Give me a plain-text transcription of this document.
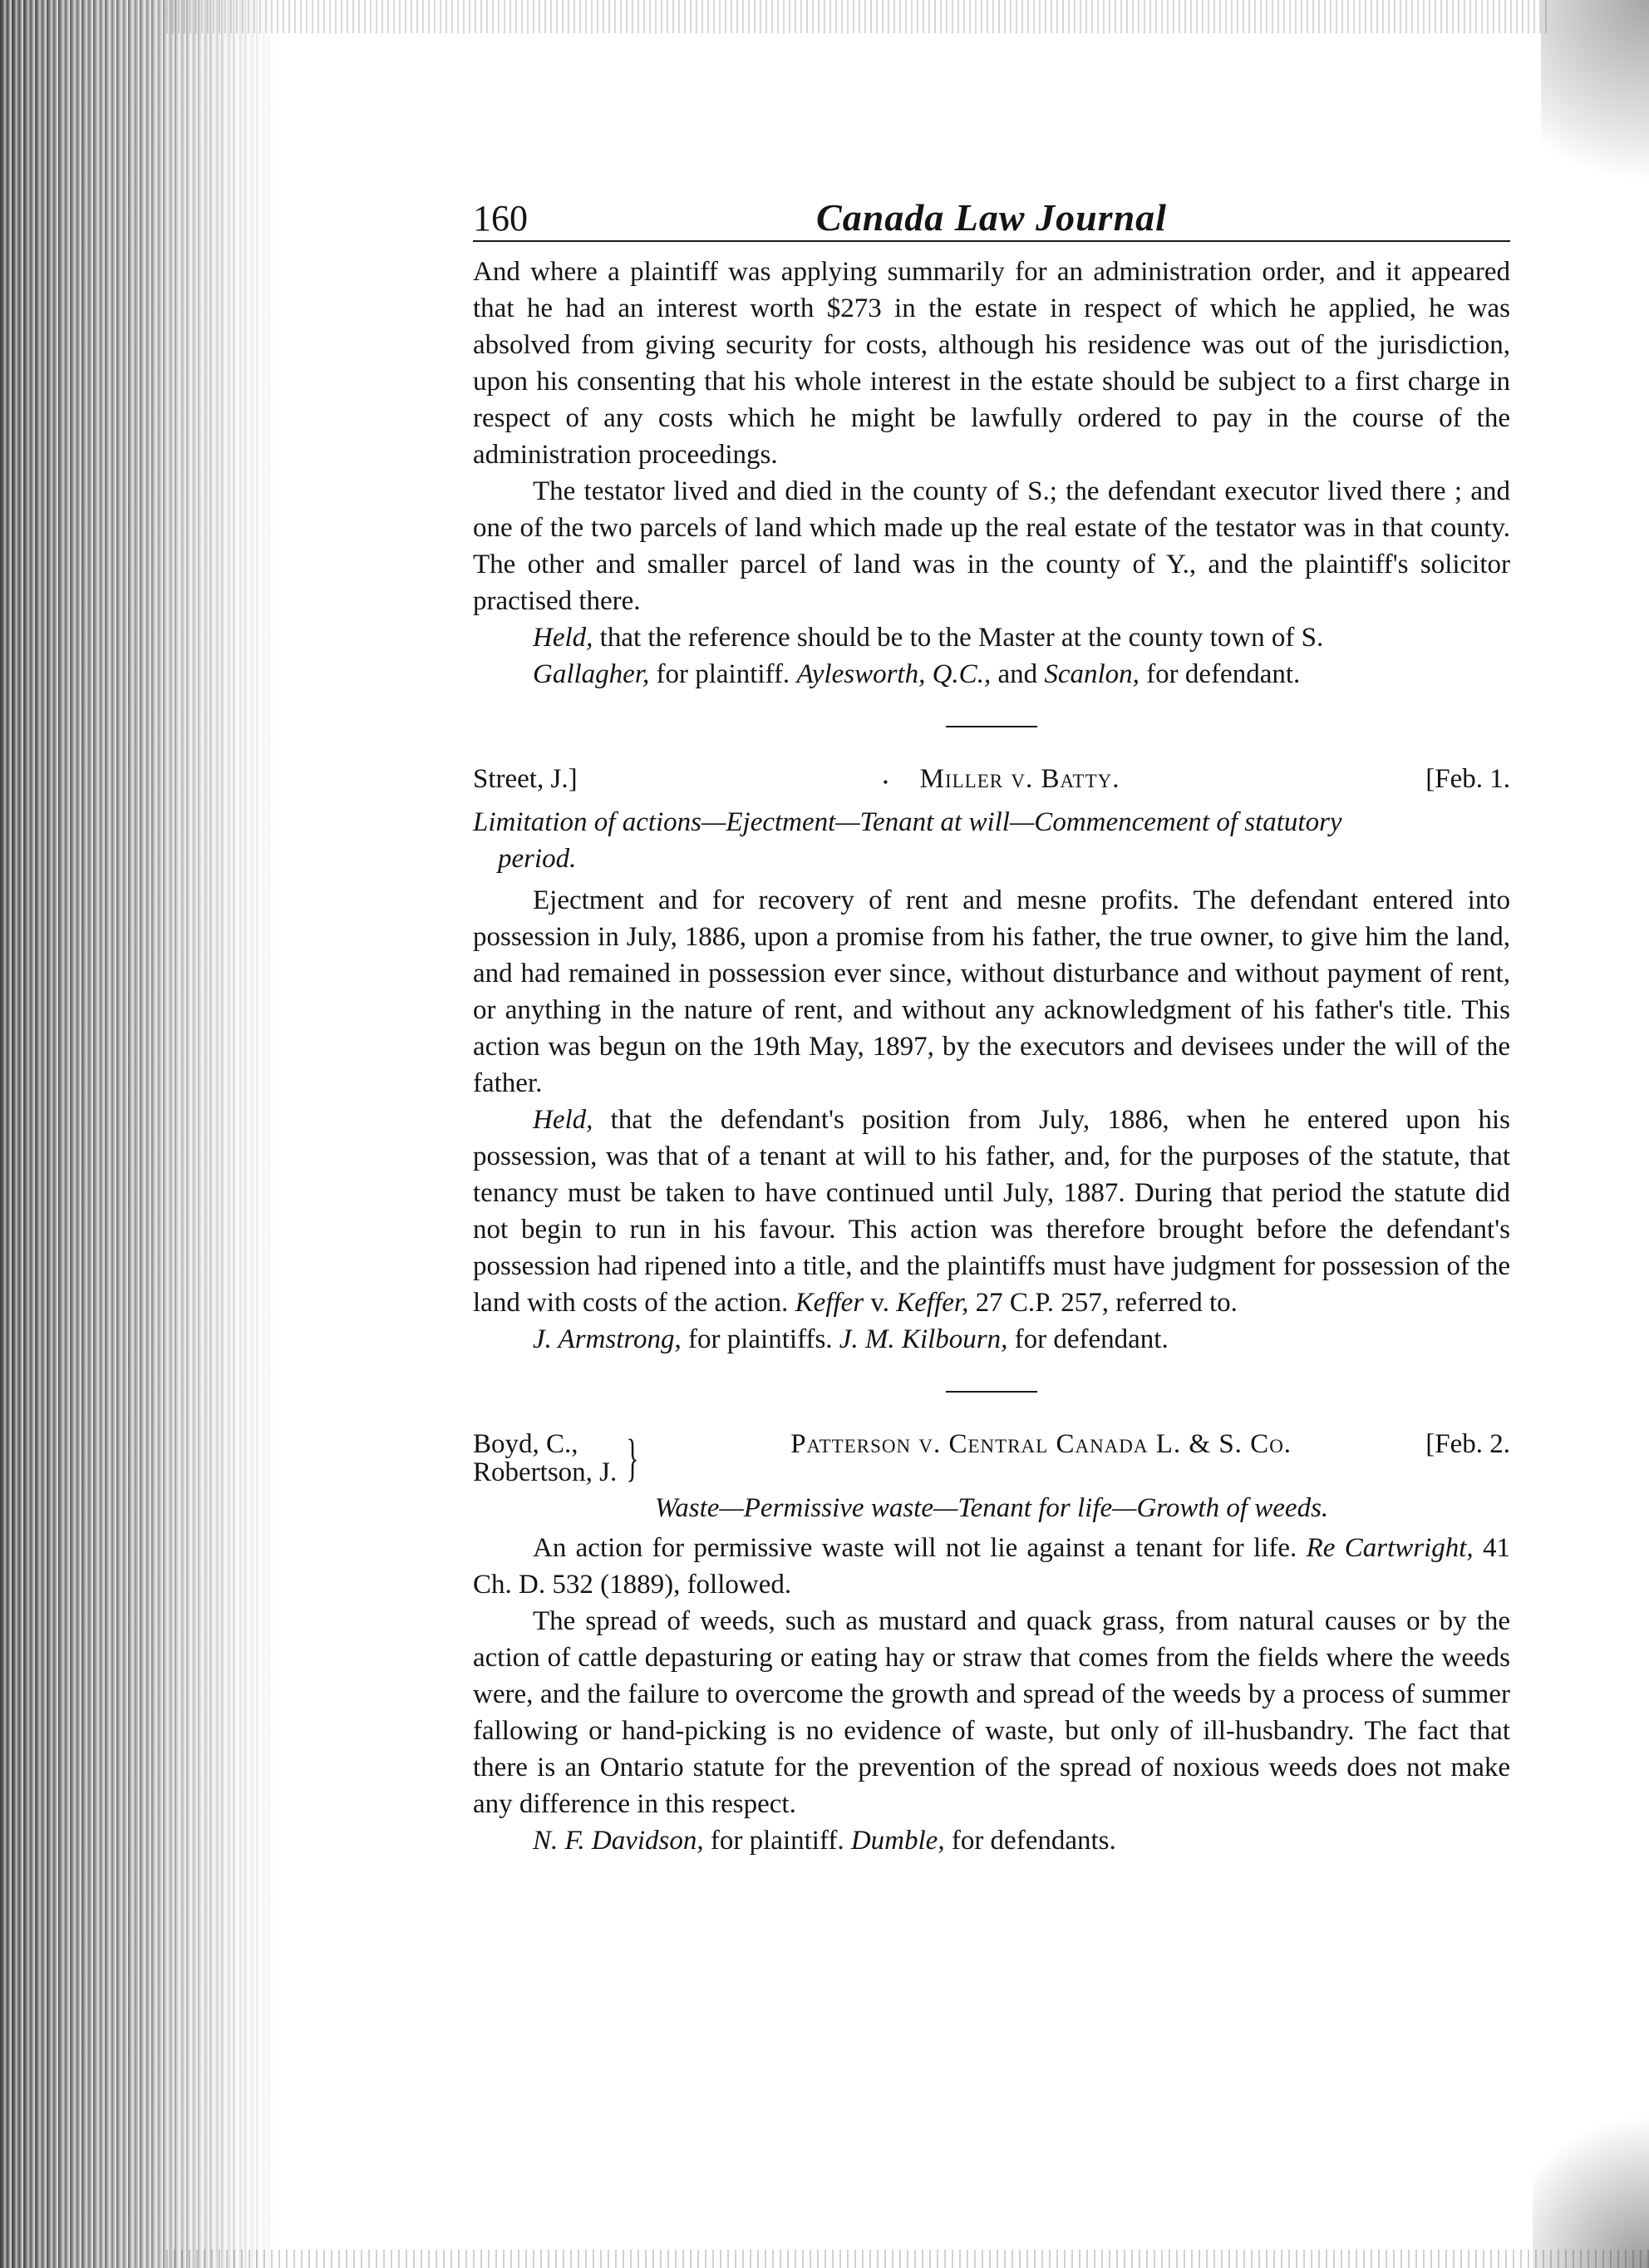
160	Canada Law Journal

And where a plaintiff was applying summarily for an administration order, and it appeared that he had an interest worth $273 in the estate in respect of which he applied, he was absolved from giving security for costs, although his residence was out of the jurisdiction, upon his consenting that his whole interest in the estate should be subject to a first charge in respect of any costs which he might be lawfully ordered to pay in the course of the administration proceedings.

The testator lived and died in the county of S.; the defendant executor lived there ; and one of the two parcels of land which made up the real estate of the testator was in that county. The other and smaller parcel of land was in the county of Y., and the plaintiff's solicitor practised there.

Held, that the reference should be to the Master at the county town of S.

Gallagher, for plaintiff. Aylesworth, Q.C., and Scanlon, for defendant.

Street, J.]	• Miller v. Batty.	[Feb. 1.
Limitation of actions—Ejectment—Tenant at will—Commencement of statutory
period.

Ejectment and for recovery of rent and mesne profits. The defendant entered into possession in July, 1886, upon a promise from his father, the true owner, to give him the land, and had remained in possession ever since, without disturbance and without payment of rent, or anything in the nature of rent, and without any acknowledgment of his father's title. This action was begun on the 19th May, 1897, by the executors and devisees under the will of the father.

Held, that the defendant's position from July, 1886, when he entered upon his possession, was that of a tenant at will to his father, and, for the purposes of the statute, that tenancy must be taken to have continued until July, 1887. During that period the statute did not begin to run in his favour. This action was therefore brought before the defendant's possession had ripened into a title, and the plaintiffs must have judgment for possession of the land with costs of the action. Keffer v. Keffer, 27 C.P. 257, referred to.

J. Armstrong, for plaintiffs. J. M. Kilbourn, for defendant.

Boyd, C.,
Robertson, J. }	Patterson v. Central Canada L. & S. Co.	[Feb. 2.
Waste—Permissive waste—Tenant for life—Growth of weeds.

An action for permissive waste will not lie against a tenant for life. Re Cartwright, 41 Ch. D. 532 (1889), followed.

The spread of weeds, such as mustard and quack grass, from natural causes or by the action of cattle depasturing or eating hay or straw that comes from the fields where the weeds were, and the failure to overcome the growth and spread of the weeds by a process of summer fallowing or hand-picking is no evidence of waste, but only of ill-husbandry. The fact that there is an Ontario statute for the prevention of the spread of noxious weeds does not make any difference in this respect.

N. F. Davidson, for plaintiff. Dumble, for defendants.
